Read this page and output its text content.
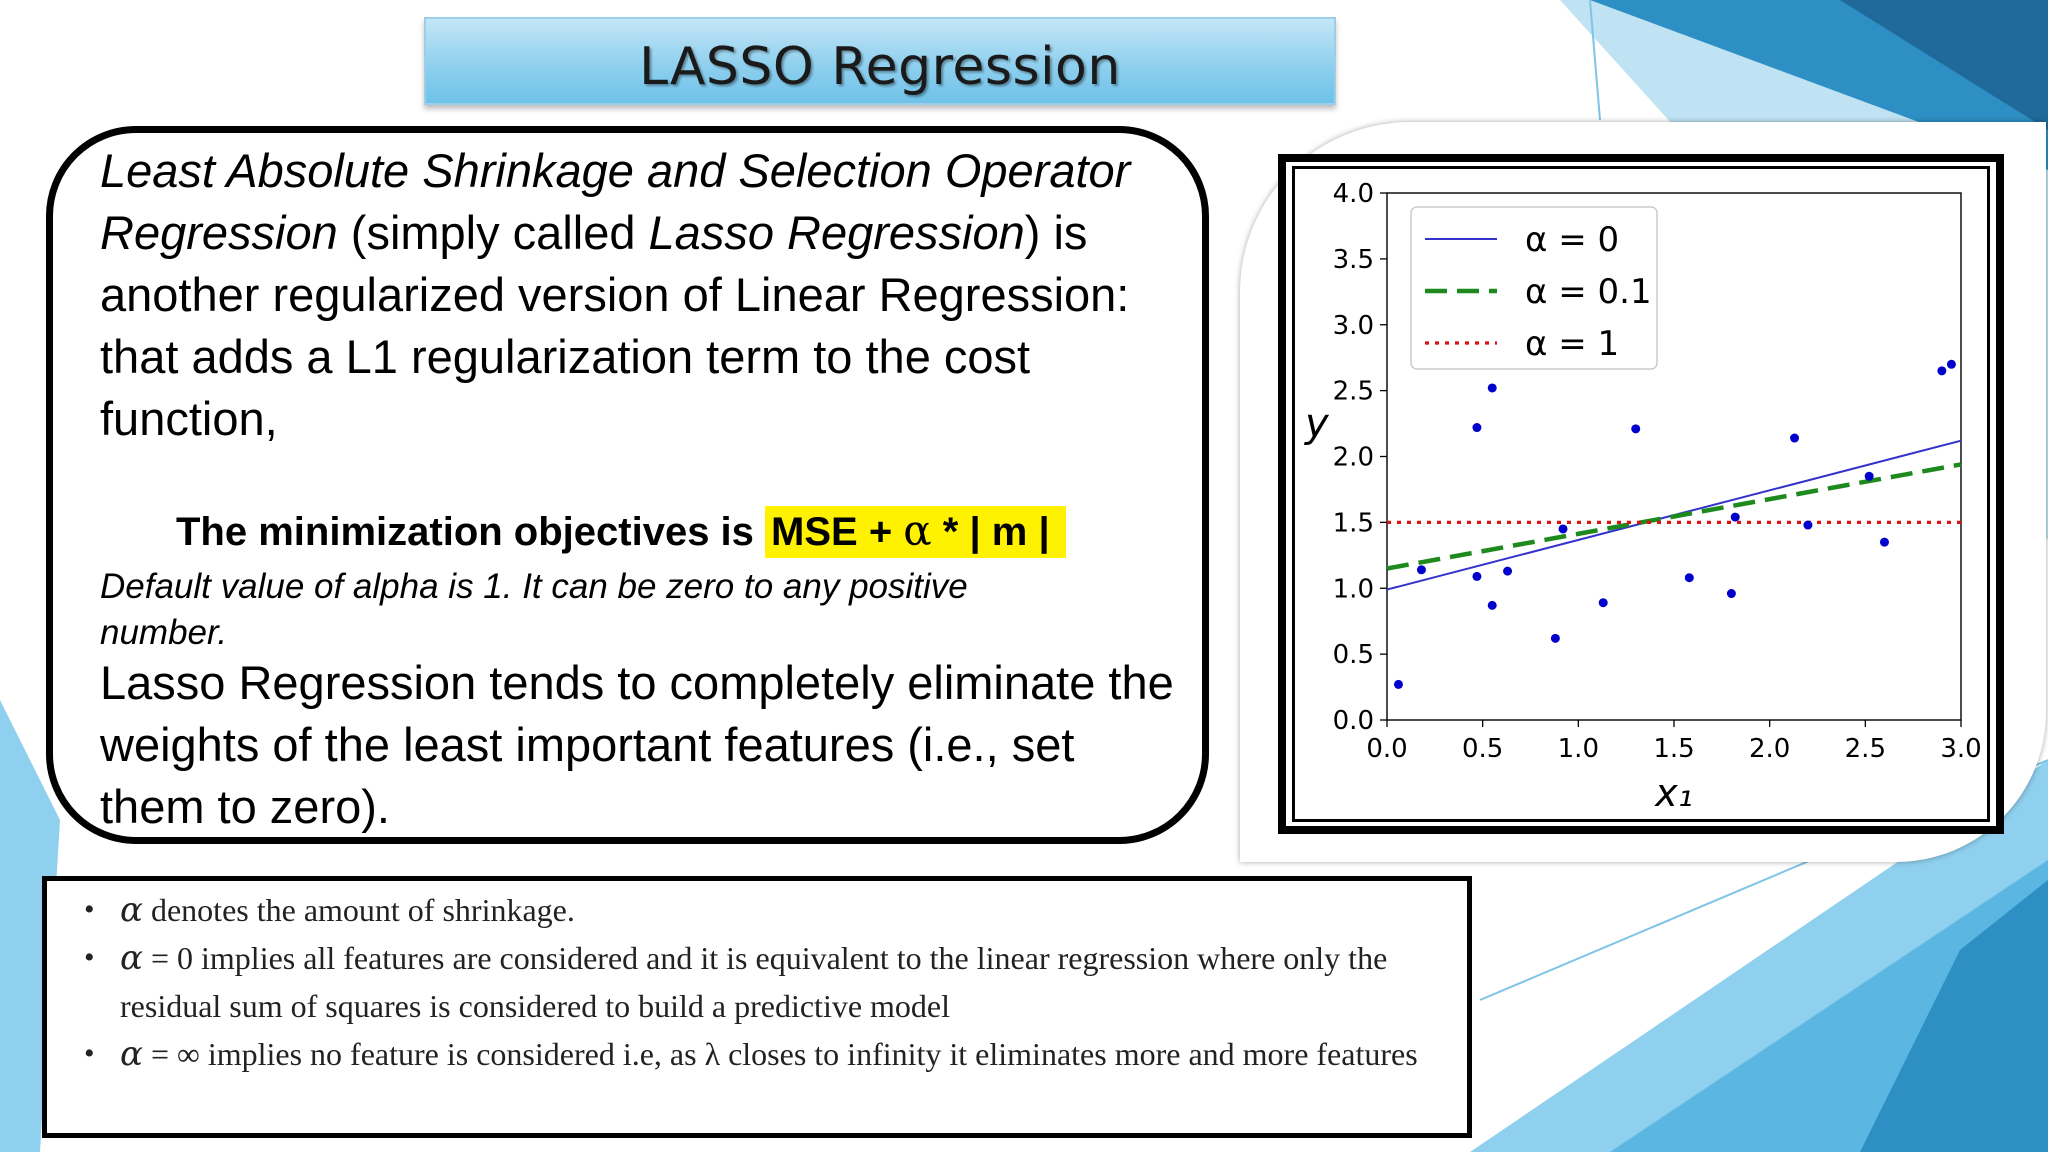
LASSO Regression

Least Absolute Shrinkage and Selection Operator Regression (simply called Lasso Regression) is another regularized version of Linear Regression: that adds a L1 regularization term to the cost function,

The minimization objectives is MSE + α * | m |

Default value of alpha is 1. It can be zero to any positive number.

Lasso Regression tends to completely eliminate the weights of the least important features (i.e., set them to zero).

0.0 0.5 1.0 1.5 2.0 2.5 3.0
0.0
0.5
1.0
1.5
2.0
2.5
3.0
3.5
4.0
α = 0
α = 0.1
α = 1
x₁
y
• α denotes the amount of shrinkage.
• α = 0 implies all features are considered and it is equivalent to the linear regression where only the residual sum of squares is considered to build a predictive model
• α = ∞ implies no feature is considered i.e, as λ closes to infinity it eliminates more and more features
